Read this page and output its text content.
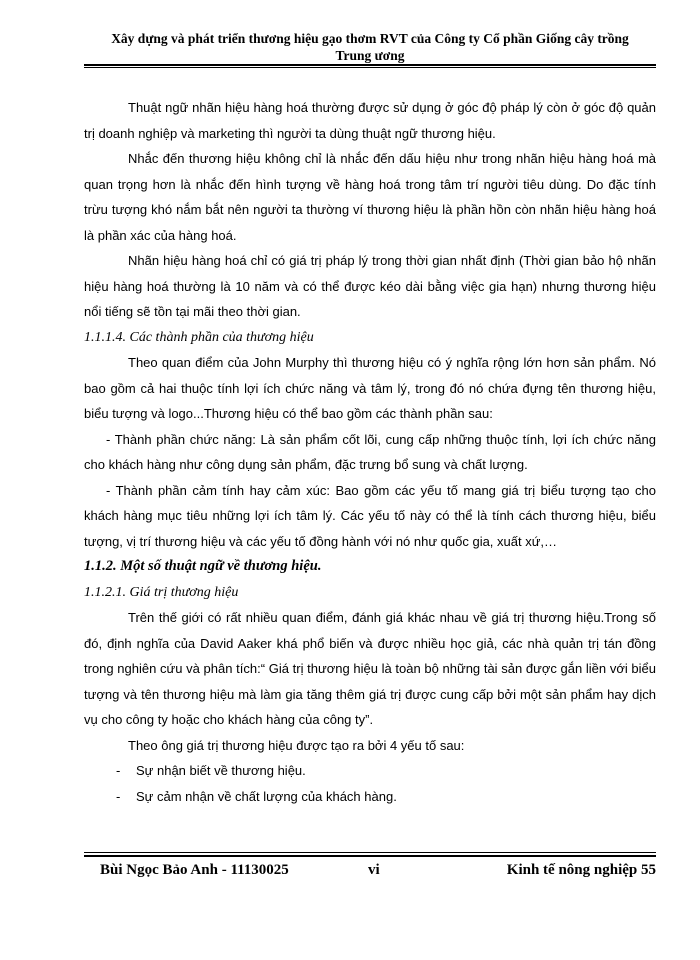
Xây dựng và phát triển thương hiệu gạo thơm RVT của Công ty Cổ phần Giống cây trồng
Trung ương

Thuật ngữ nhãn hiệu hàng hoá thường được sử dụng ở góc độ pháp lý còn ở góc độ quản trị doanh nghiệp và marketing thì người ta dùng thuật ngữ thương hiệu.

Nhắc đến thương hiệu không chỉ là nhắc đến dấu hiệu như trong nhãn hiệu hàng hoá mà quan trọng hơn là nhắc đến hình tượng về hàng hoá trong tâm trí người tiêu dùng. Do đặc tính trừu tượng khó nắm bắt nên người ta thường ví thương hiệu là phần hồn còn nhãn hiệu hàng hoá là phần xác của hàng hoá.

Nhãn hiệu hàng hoá chỉ có giá trị pháp lý trong thời gian nhất định (Thời gian bảo hộ nhãn hiệu hàng hoá thường là 10 năm và có thể được kéo dài bằng việc gia hạn) nhưng thương hiệu nổi tiếng sẽ tồn tại mãi theo thời gian.

1.1.1.4. Các thành phần của thương hiệu

Theo quan điểm của John Murphy thì thương hiệu có ý nghĩa rộng lớn hơn sản phẩm. Nó bao gồm cả hai thuộc tính lợi ích chức năng và tâm lý, trong đó nó chứa đựng tên thương hiệu, biểu tượng và logo...Thương hiệu có thể bao gồm các thành phần sau:

- Thành phần chức năng: Là sản phẩm cốt lõi, cung cấp những thuộc tính, lợi ích chức năng cho khách hàng như công dụng sản phẩm, đặc trưng bổ sung và chất lượng.

- Thành phần cảm tính hay cảm xúc: Bao gồm các yếu tố mang giá trị biểu tượng tạo cho khách hàng mục tiêu những lợi ích tâm lý. Các yếu tố này có thể là tính cách thương hiệu, biểu tượng, vị trí thương hiệu và các yếu tố đồng hành với nó như quốc gia, xuất xứ,…

1.1.2. Một số thuật ngữ về thương hiệu.

1.1.2.1. Giá trị thương hiệu

Trên thế giới có rất nhiều quan điểm, đánh giá khác nhau về giá trị thương hiệu.Trong số đó, định nghĩa của David Aaker khá phổ biến và được nhiều học giả, các nhà quản trị tán đồng trong nghiên cứu và phân tích:“ Giá trị thương hiệu là toàn bộ những tài sản được gắn liền với biểu tượng và tên thương hiệu mà làm gia tăng thêm giá trị được cung cấp bởi một sản phẩm hay dịch vụ cho công ty hoặc cho khách hàng của công ty”.

Theo ông giá trị thương hiệu được tạo ra bởi 4 yếu tố sau:

-	Sự nhận biết về thương hiệu.
-	Sự cảm nhận về chất lượng của khách hàng.
Bùi Ngọc Bảo Anh - 11130025	vi	Kinh tế nông nghiệp 55
